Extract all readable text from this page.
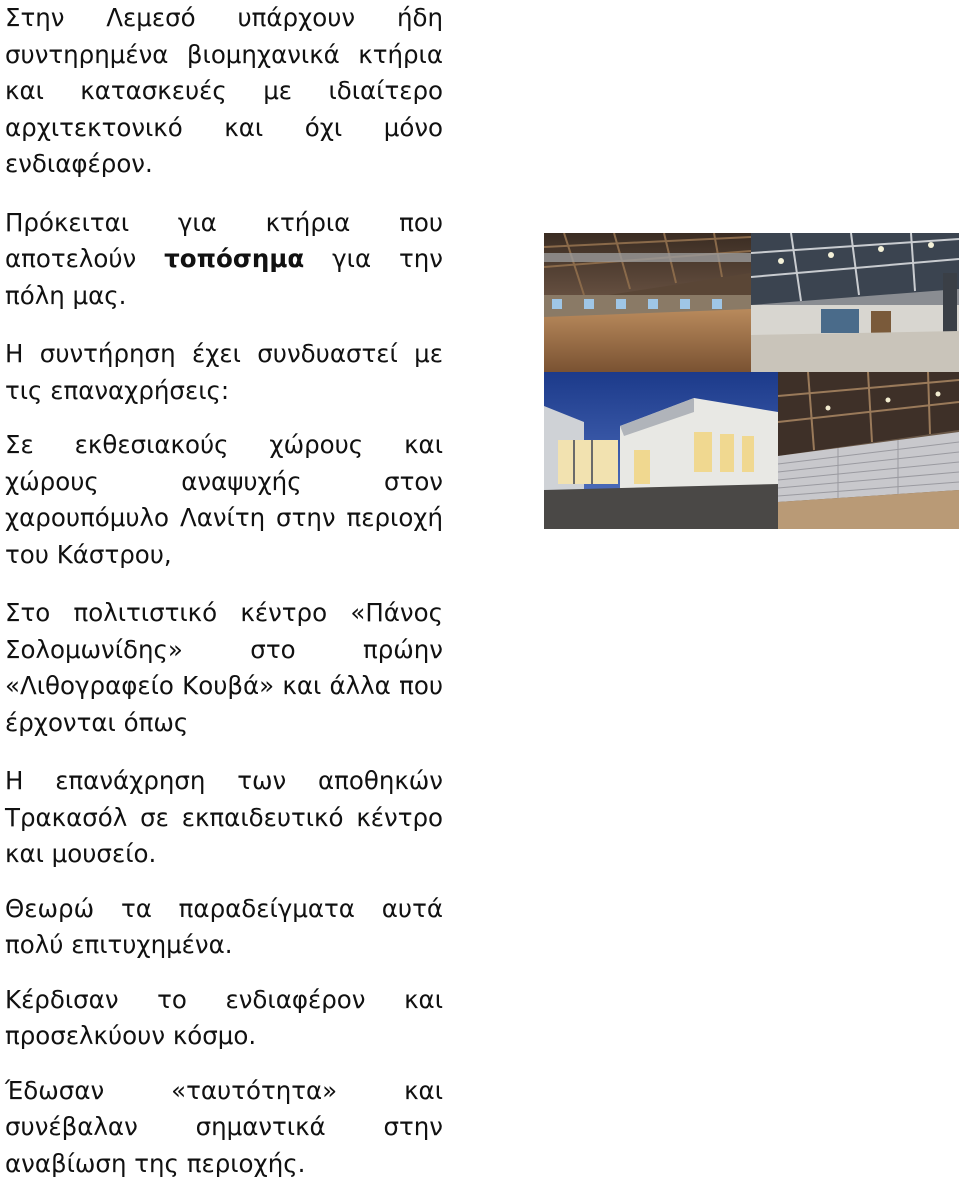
Στην Λεμεσό υπάρχουν ήδη συντηρημένα βιομηχανικά κτήρια και κατασκευές με ιδιαίτερο αρχιτεκτονικό και όχι μόνο ενδιαφέρον.

Πρόκειται για κτήρια που αποτελούν τοπόσημα για την πόλη μας.

Η συντήρηση έχει συνδυαστεί με τις επαναχρήσεις:

Σε εκθεσιακούς χώρους και χώρους αναψυχής στον χαρουπόμυλο Λανίτη στην περιοχή του Κάστρου,

Στο πολιτιστικό κέντρο «Πάνος Σολομωνίδης» στο πρώην «Λιθογραφείο Κουβά» και άλλα που έρχονται όπως

Η επανάχρηση των αποθηκών Τρακασόλ σε εκπαιδευτικό κέντρο και μουσείο.

Θεωρώ τα παραδείγματα αυτά πολύ επιτυχημένα.

Κέρδισαν το ενδιαφέρον και προσελκύουν κόσμο.

Έδωσαν «ταυτότητα» και συνέβαλαν σημαντικά στην αναβίωση της περιοχής.
